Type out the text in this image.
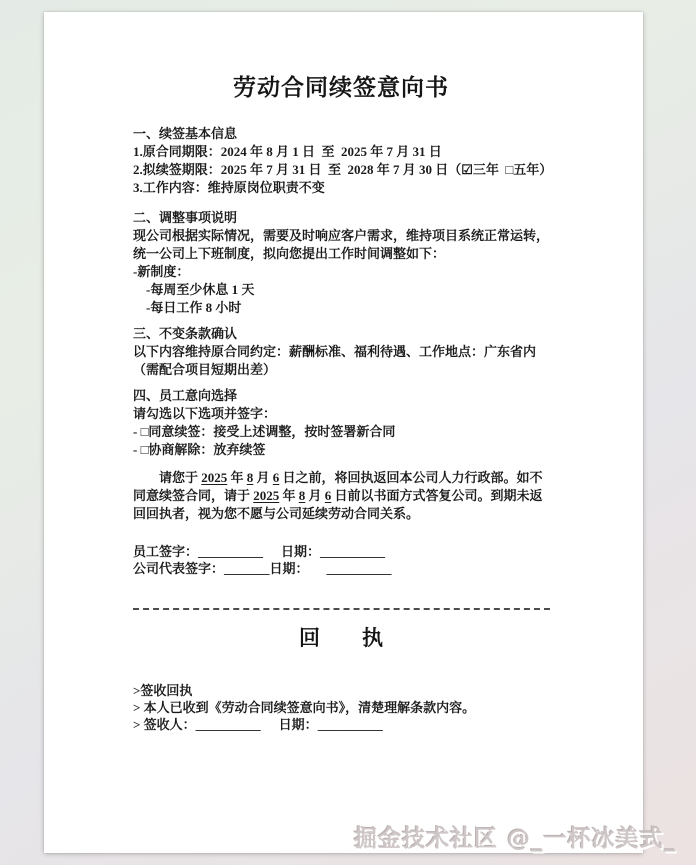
劳动合同续签意向书
一、续签基本信息
1.原合同期限：2024 年 8 月 1 日  至  2025 年 7 月 31 日
2.拟续签期限：2025 年 7 月 31 日  至  2028 年 7 月 30 日（☑三年  □五年）
3.工作内容：维持原岗位职责不变
二、调整事项说明
现公司根据实际情况，需要及时响应客户需求，维持项目系统正常运转，统一公司上下班制度，拟向您提出工作时间调整如下：
-新制度：
-每周至少休息 1 天
-每日工作 8 小时
三、不变条款确认
以下内容维持原合同约定：薪酬标准、福利待遇、工作地点：广东省内（需配合项目短期出差）
四、员工意向选择
请勾选以下选项并签字：
- □同意续签：接受上述调整，按时签署新合同
- □协商解除：放弃续签
请您于 2025 年 8 月 6 日之前，将回执返回本公司人力行政部。如不同意续签合同，请于 2025 年 8 月 6 日前以书面方式答复公司。到期未返回回执者，视为您不愿与公司延续劳动合同关系。
员工签字：__________ 日期：__________
公司代表签字：_______日期： __________
回　　执
>签收回执
> 本人已收到《劳动合同续签意向书》，清楚理解条款内容。
> 签收人：__________ 日期：__________
掘金技术社区 @_一杯冰美式_
